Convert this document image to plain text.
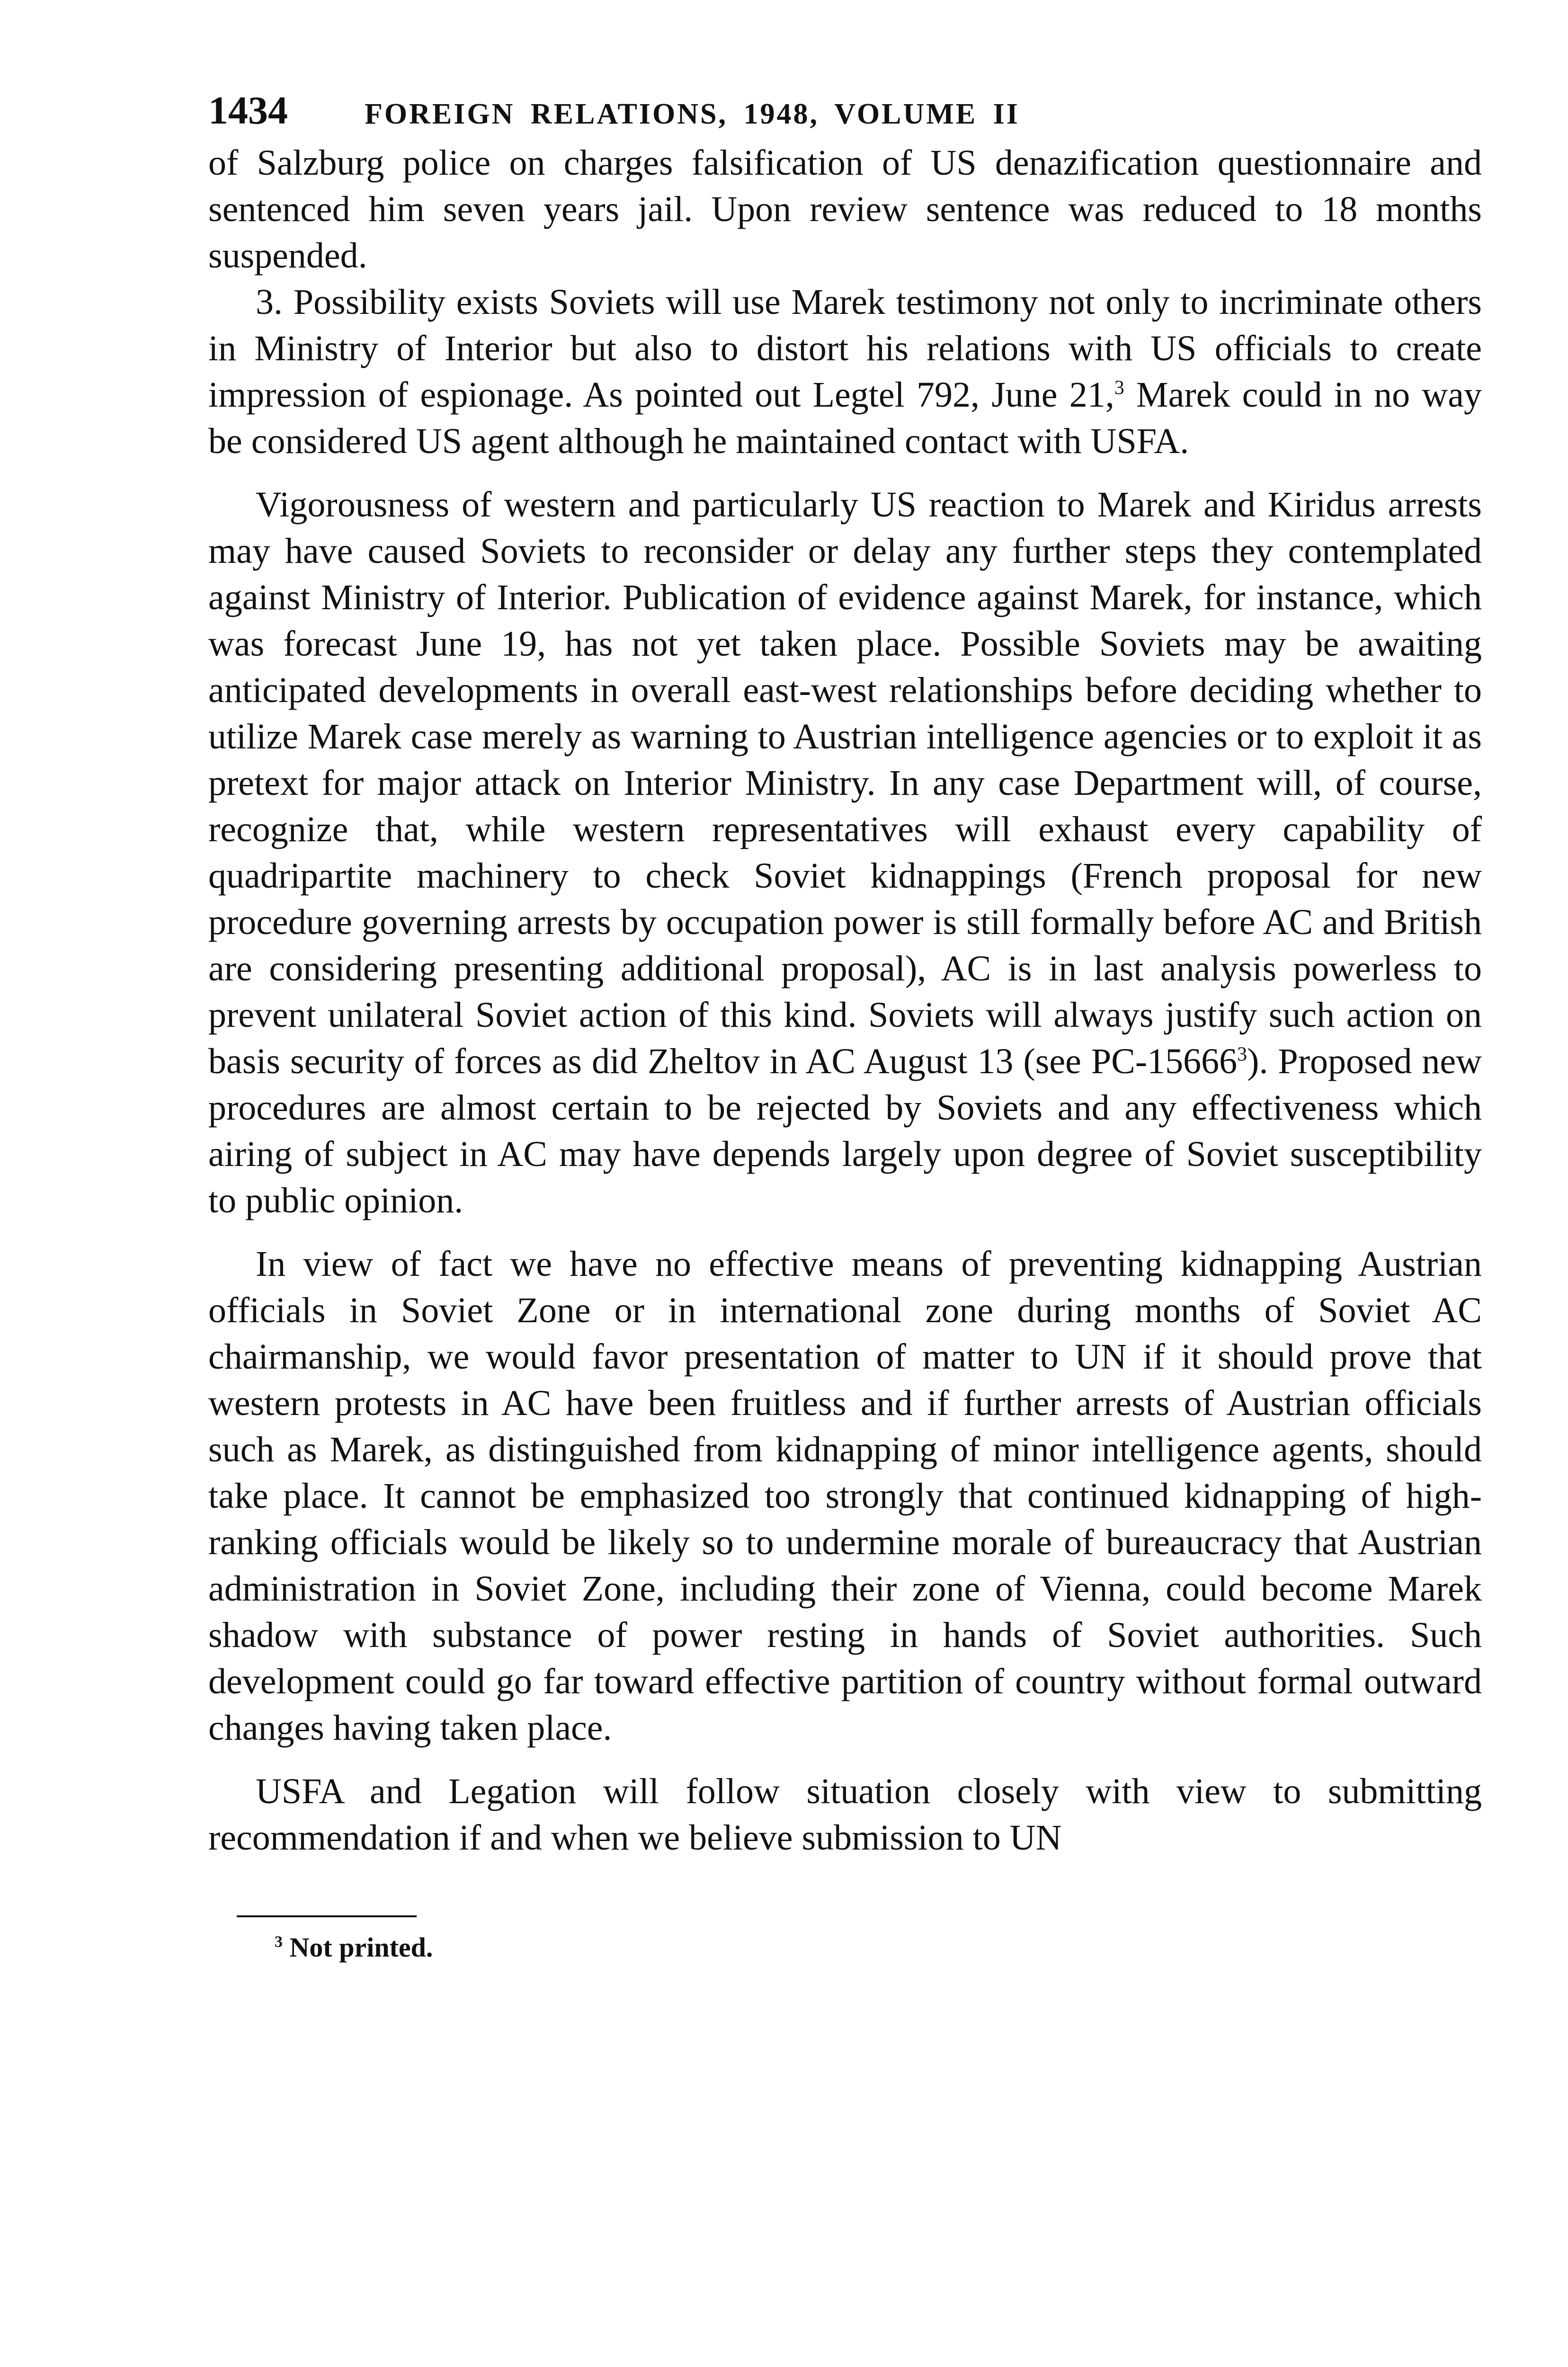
1434	FOREIGN RELATIONS, 1948, VOLUME II

of Salzburg police on charges falsification of US denazification questionnaire and sentenced him seven years jail. Upon review sentence was reduced to 18 months suspended.

3. Possibility exists Soviets will use Marek testimony not only to incriminate others in Ministry of Interior but also to distort his relations with US officials to create impression of espionage. As pointed out Legtel 792, June 21,$^3$ Marek could in no way be considered US agent although he maintained contact with USFA.

Vigorousness of western and particularly US reaction to Marek and Kiridus arrests may have caused Soviets to reconsider or delay any further steps they contemplated against Ministry of Interior. Publication of evidence against Marek, for instance, which was forecast June 19, has not yet taken place. Possible Soviets may be awaiting anticipated developments in overall east-west relationships before deciding whether to utilize Marek case merely as warning to Austrian intelligence agencies or to exploit it as pretext for major attack on Interior Ministry. In any case Department will, of course, recognize that, while western representatives will exhaust every capability of quadripartite machinery to check Soviet kidnappings (French proposal for new procedure governing arrests by occupation power is still formally before AC and British are considering presenting additional proposal), AC is in last analysis powerless to prevent unilateral Soviet action of this kind. Soviets will always justify such action on basis security of forces as did Zheltov in AC August 13 (see PC-15666$^3$). Proposed new procedures are almost certain to be rejected by Soviets and any effectiveness which airing of subject in AC may have depends largely upon degree of Soviet susceptibility to public opinion.

In view of fact we have no effective means of preventing kidnapping Austrian officials in Soviet Zone or in international zone during months of Soviet AC chairmanship, we would favor presentation of matter to UN if it should prove that western protests in AC have been fruitless and if further arrests of Austrian officials such as Marek, as distinguished from kidnapping of minor intelligence agents, should take place. It cannot be emphasized too strongly that continued kidnapping of high-ranking officials would be likely so to undermine morale of bureaucracy that Austrian administration in Soviet Zone, including their zone of Vienna, could become Marek shadow with substance of power resting in hands of Soviet authorities. Such development could go far toward effective partition of country without formal outward changes having taken place.

USFA and Legation will follow situation closely with view to submitting recommendation if and when we believe submission to UN

$^3$ Not printed.
